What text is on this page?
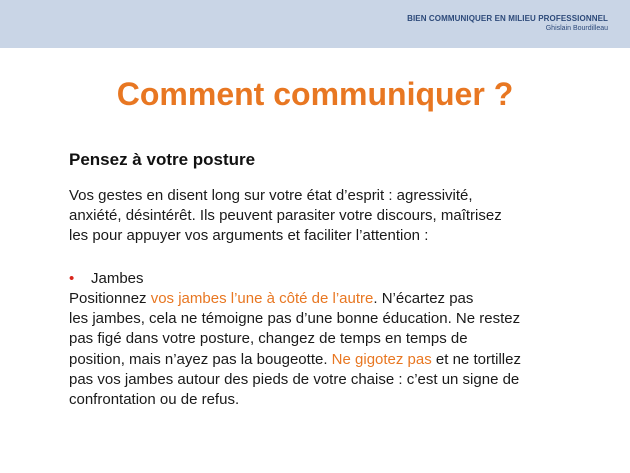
BIEN COMMUNIQUER EN MILIEU PROFESSIONNEL
Ghislain Bourdilleau
Comment communiquer ?
Pensez à votre posture

Vos gestes en disent long sur votre état d’esprit : agressivité,
anxiété, désintérêt. Ils peuvent parasiter votre discours, maîtrisez
les pour appuyer vos arguments et faciliter l’attention :

• Jambes

Positionnez vos jambes l’une à côté de l’autre. N’écartez pas
les jambes, cela ne témoigne pas d’une bonne éducation. Ne restez
pas figé dans votre posture, changez de temps en temps de
position, mais n’ayez pas la bougeotte. Ne gigotez pas et ne tortillez
pas vos jambes autour des pieds de votre chaise : c’est un signe de
confrontation ou de refus.
